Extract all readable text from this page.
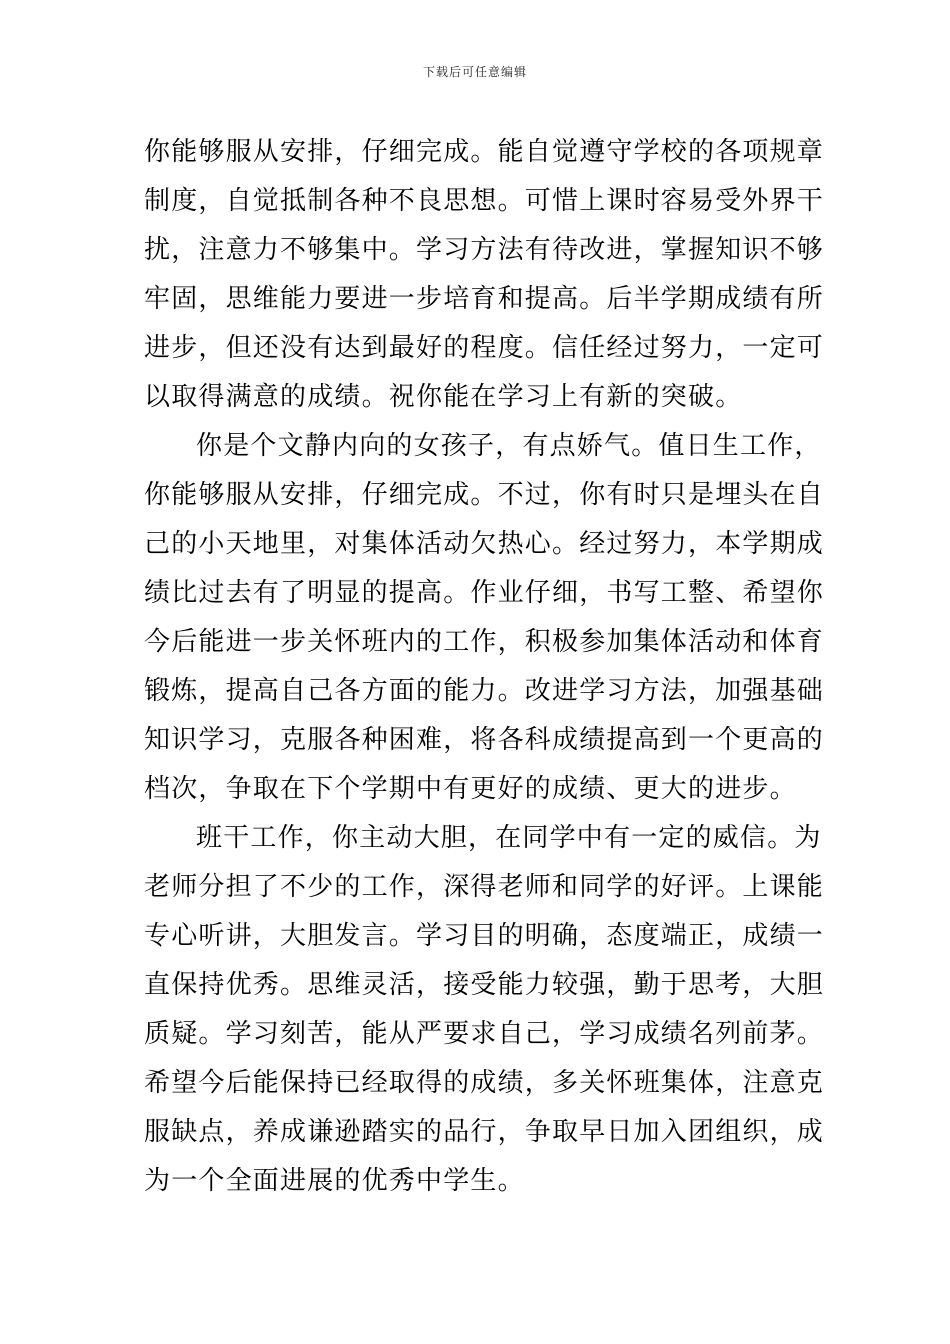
下载后可任意编辑
你能够服从安排，仔细完成。能自觉遵守学校的各项规章
制度，自觉抵制各种不良思想。可惜上课时容易受外界干
扰，注意力不够集中。学习方法有待改进，掌握知识不够
牢固，思维能力要进一步培育和提高。后半学期成绩有所
进步，但还没有达到最好的程度。信任经过努力，一定可
以取得满意的成绩。祝你能在学习上有新的突破。
你是个文静内向的女孩子，有点娇气。值日生工作，
你能够服从安排，仔细完成。不过，你有时只是埋头在自
己的小天地里，对集体活动欠热心。经过努力，本学期成
绩比过去有了明显的提高。作业仔细，书写工整、希望你
今后能进一步关怀班内的工作，积极参加集体活动和体育
锻炼，提高自己各方面的能力。改进学习方法，加强基础
知识学习，克服各种困难，将各科成绩提高到一个更高的
档次，争取在下个学期中有更好的成绩、更大的进步。
班干工作，你主动大胆，在同学中有一定的威信。为
老师分担了不少的工作，深得老师和同学的好评。上课能
专心听讲，大胆发言。学习目的明确，态度端正，成绩一
直保持优秀。思维灵活，接受能力较强，勤于思考，大胆
质疑。学习刻苦，能从严要求自己，学习成绩名列前茅。
希望今后能保持已经取得的成绩，多关怀班集体，注意克
服缺点，养成谦逊踏实的品行，争取早日加入团组织，成
为一个全面进展的优秀中学生。
